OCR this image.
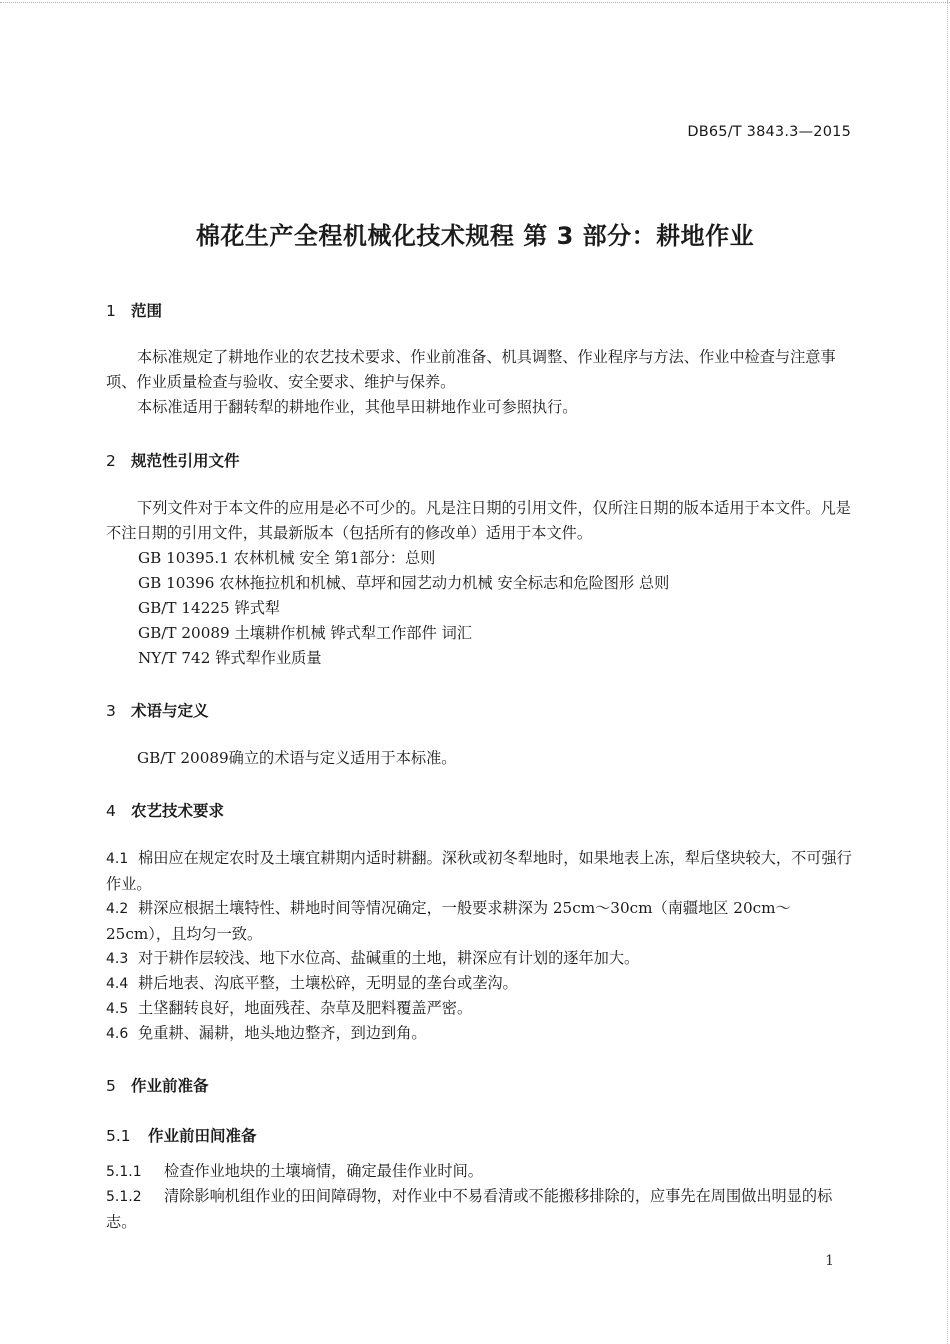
DB65/T 3843.3—2015
棉花生产全程机械化技术规程 第 3 部分：耕地作业
1 范围
本标准规定了耕地作业的农艺技术要求、作业前准备、机具调整、作业程序与方法、作业中检查与注意事项、作业质量检查与验收、安全要求、维护与保养。
本标准适用于翻转犁的耕地作业，其他旱田耕地作业可参照执行。
2 规范性引用文件
下列文件对于本文件的应用是必不可少的。凡是注日期的引用文件，仅所注日期的版本适用于本文件。凡是不注日期的引用文件，其最新版本（包括所有的修改单）适用于本文件。
GB 10395.1 农林机械 安全 第1部分：总则
GB 10396 农林拖拉机和机械、草坪和园艺动力机械 安全标志和危险图形 总则
GB/T 14225 铧式犁
GB/T 20089 土壤耕作机械 铧式犁工作部件 词汇
NY/T 742 铧式犁作业质量
3 术语与定义
GB/T 20089确立的术语与定义适用于本标准。
4 农艺技术要求
4.1 棉田应在规定农时及土壤宜耕期内适时耕翻。深秋或初冬犁地时，如果地表上冻，犁后垡块较大，不可强行作业。
4.2 耕深应根据土壤特性、耕地时间等情况确定，一般要求耕深为 25cm～30cm（南疆地区 20cm～25cm），且均匀一致。
4.3 对于耕作层较浅、地下水位高、盐碱重的土地，耕深应有计划的逐年加大。
4.4 耕后地表、沟底平整，土壤松碎，无明显的垄台或垄沟。
4.5 土垡翻转良好，地面残茬、杂草及肥料覆盖严密。
4.6 免重耕、漏耕，地头地边整齐，到边到角。
5 作业前准备
5.1 作业前田间准备
5.1.1 检查作业地块的土壤墒情，确定最佳作业时间。
5.1.2 清除影响机组作业的田间障碍物，对作业中不易看清或不能搬移排除的，应事先在周围做出明显的标志。
1
